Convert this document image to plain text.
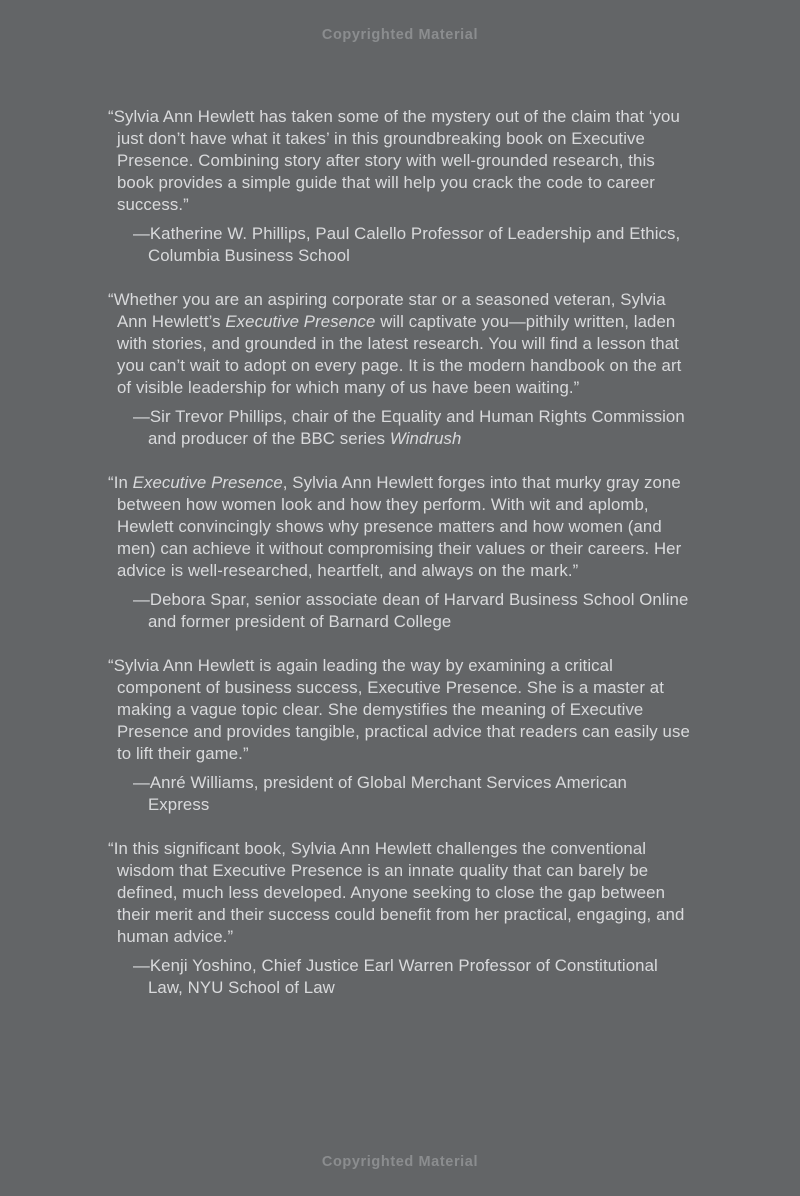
Copyrighted Material

“Sylvia Ann Hewlett has taken some of the mystery out of the claim that ‘you just don’t have what it takes’ in this groundbreaking book on Executive Presence. Combining story after story with well-grounded research, this book provides a simple guide that will help you crack the code to career success.”

—Katherine W. Phillips, Paul Calello Professor of Leadership and Ethics, Columbia Business School

“Whether you are an aspiring corporate star or a seasoned veteran, Sylvia Ann Hewlett’s Executive Presence will captivate you—pithily written, laden with stories, and grounded in the latest research. You will find a lesson that you can’t wait to adopt on every page. It is the modern handbook on the art of visible leadership for which many of us have been waiting.”

—Sir Trevor Phillips, chair of the Equality and Human Rights Commission and producer of the BBC series Windrush

“In Executive Presence, Sylvia Ann Hewlett forges into that murky gray zone between how women look and how they perform. With wit and aplomb, Hewlett convincingly shows why presence matters and how women (and men) can achieve it without compromising their values or their careers. Her advice is well-researched, heartfelt, and always on the mark.”

—Debora Spar, senior associate dean of Harvard Business School Online and former president of Barnard College

“Sylvia Ann Hewlett is again leading the way by examining a critical component of business success, Executive Presence. She is a master at making a vague topic clear. She demystifies the meaning of Executive Presence and provides tangible, practical advice that readers can easily use to lift their game.”

—Anré Williams, president of Global Merchant Services American Express

“In this significant book, Sylvia Ann Hewlett challenges the conventional wisdom that Executive Presence is an innate quality that can barely be defined, much less developed. Anyone seeking to close the gap between their merit and their success could benefit from her practical, engaging, and human advice.”

—Kenji Yoshino, Chief Justice Earl Warren Professor of Constitutional Law, NYU School of Law

Copyrighted Material
